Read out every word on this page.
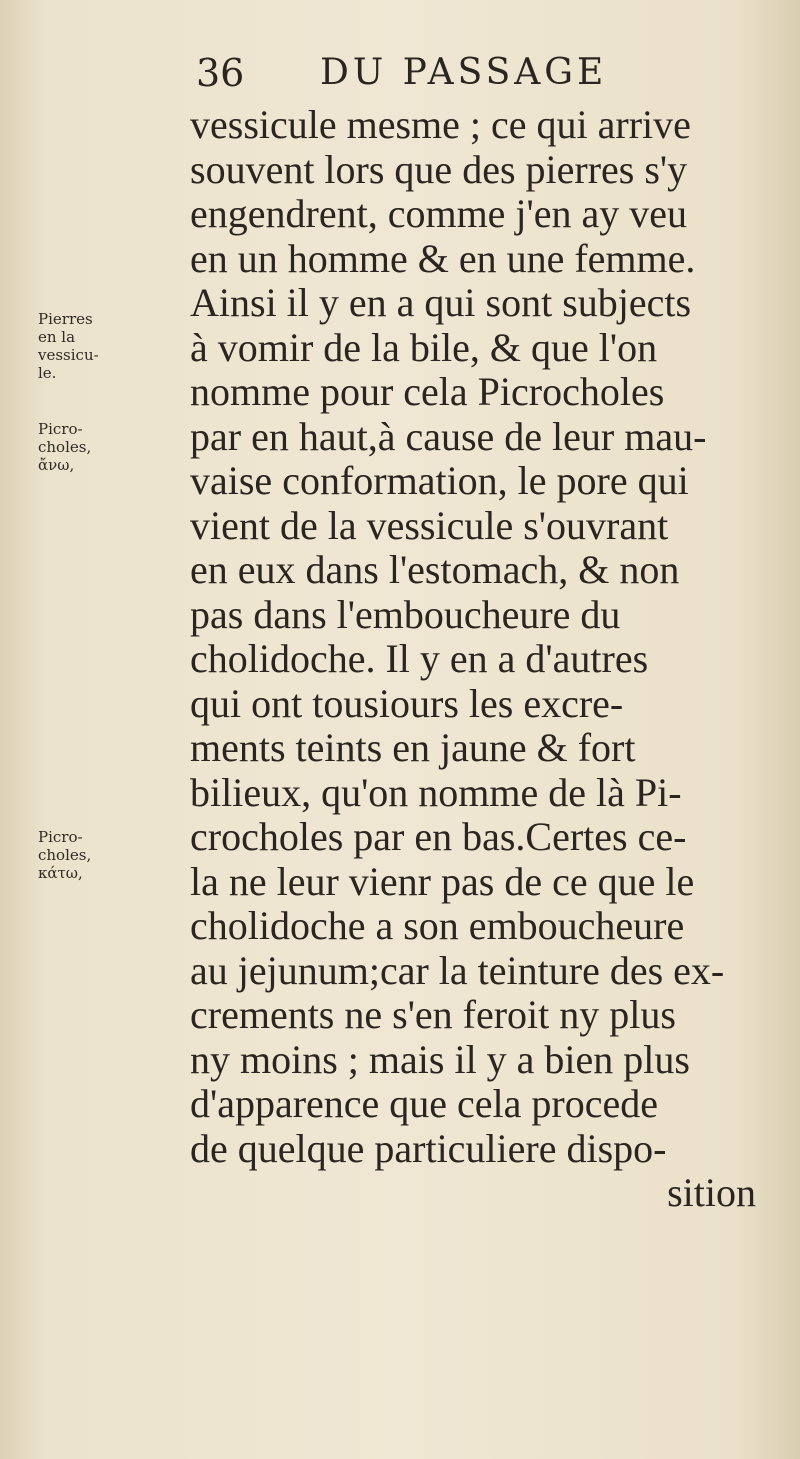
36 DU PASSAGE
Pierres
en la
vessicu-
le.
Picro-
choles,
ἄνω,
Picro-
choles,
κάτω,
vessicule mesme ; ce qui arrive
souvent lors que des pierres s'y
engendrent, comme j'en ay veu
en un homme & en une femme.
Ainsi il y en a qui sont subjects
à vomir de la bile, & que l'on
nomme pour cela Picrocholes
par en haut,à cause de leur mau-
vaise conformation, le pore qui
vient de la vessicule s'ouvrant
en eux dans l'estomach, & non
pas dans l'emboucheure du
cholidoche. Il y en a d'autres
qui ont tousiours les excre-
ments teints en jaune & fort
bilieux, qu'on nomme de là Pi-
crocholes par en bas.Certes ce-
la ne leur vienr pas de ce que le
cholidoche a son emboucheure
au jejunum;car la teinture des ex-
crements ne s'en feroit ny plus
ny moins ; mais il y a bien plus
d'apparence que cela procede
de quelque particuliere dispo-
sition
